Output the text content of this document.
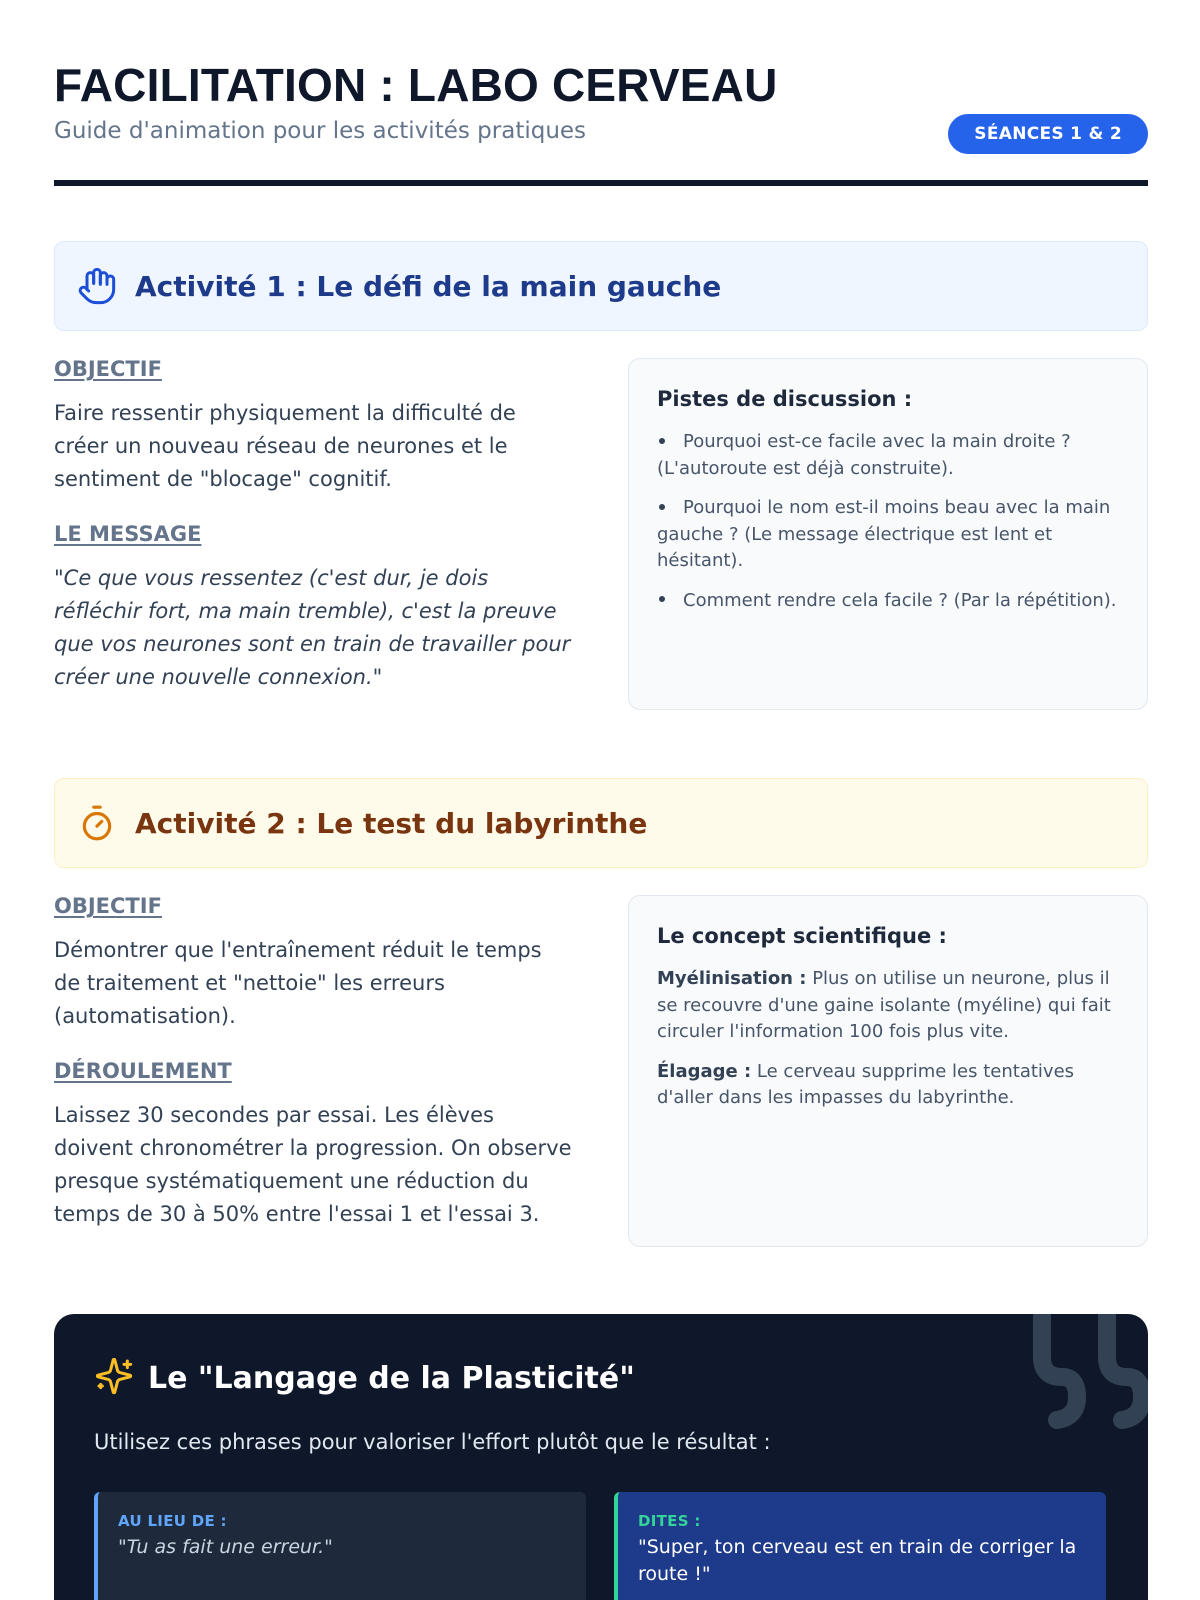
FACILITATION : LABO CERVEAU
Guide d'animation pour les activités pratiques	SÉANCES 1 & 2
Activité 1 : Le défi de la main gauche
OBJECTIF

Faire ressentir physiquement la difficulté de créer un nouveau réseau de neurones et le sentiment de "blocage" cognitif.

LE MESSAGE

"Ce que vous ressentez (c'est dur, je dois réfléchir fort, ma main tremble), c'est la preuve que vos neurones sont en train de travailler pour créer une nouvelle connexion."

Pistes de discussion :
Pourquoi est-ce facile avec la main droite ? (L'autoroute est déjà construite).
Pourquoi le nom est-il moins beau avec la main gauche ? (Le message électrique est lent et hésitant).
Comment rendre cela facile ? (Par la répétition).
Activité 2 : Le test du labyrinthe
OBJECTIF

Démontrer que l'entraînement réduit le temps de traitement et "nettoie" les erreurs (automatisation).

DÉROULEMENT

Laissez 30 secondes par essai. Les élèves doivent chronométrer la progression. On observe presque systématiquement une réduction du temps de 30 à 50% entre l'essai 1 et l'essai 3.

Le concept scientifique :

Myélinisation : Plus on utilise un neurone, plus il se recouvre d'une gaine isolante (myéline) qui fait circuler l'information 100 fois plus vite.

Élagage : Le cerveau supprime les tentatives d'aller dans les impasses du labyrinthe.

Le "Langage de la Plasticité"
Utilisez ces phrases pour valoriser l'effort plutôt que le résultat :
AU LIEU DE :
"Tu as fait une erreur."
DITES :
"Super, ton cerveau est en train de corriger la route !"
